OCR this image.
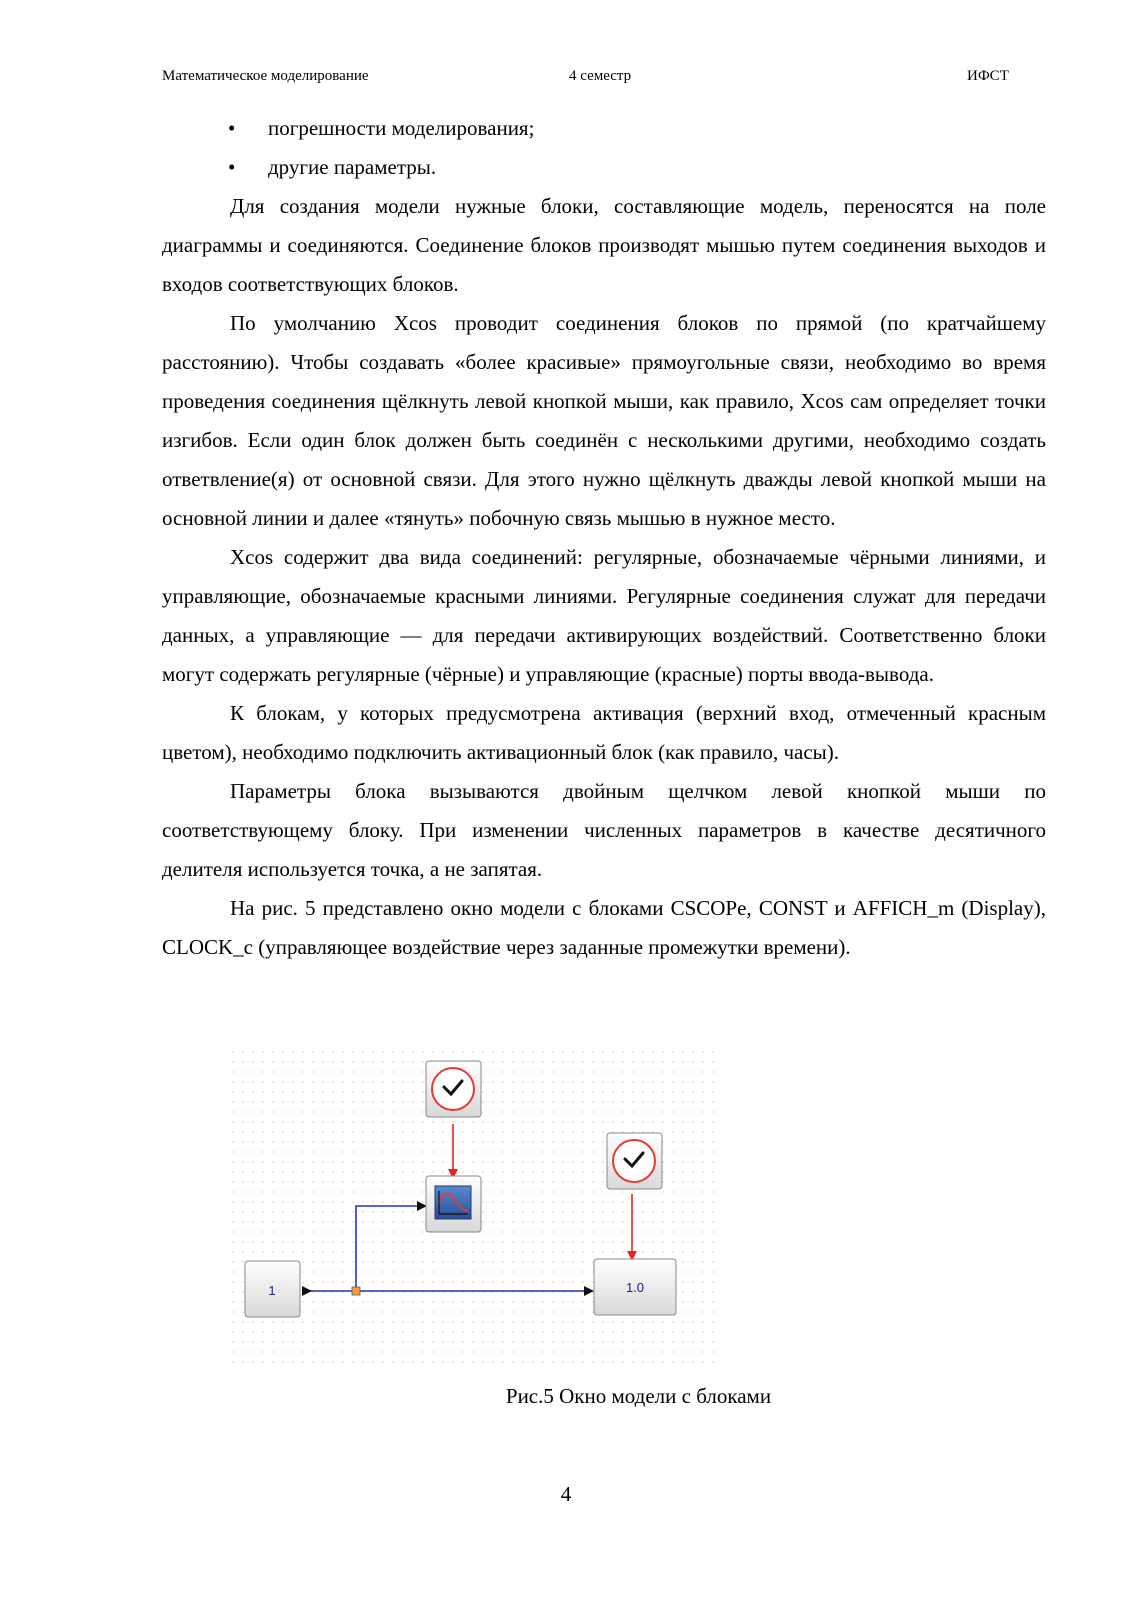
Математическое моделирование	4 семестр	ИФСТ
• погрешности моделирования;
• другие параметры.

Для создания модели нужные блоки, составляющие модель, переносятся на поле диаграммы и соединяются. Соединение блоков производят мышью путем соединения выходов и входов соответствующих блоков.

По умолчанию Xcos проводит соединения блоков по прямой (по кратчайшему расстоянию). Чтобы создавать «более красивые» прямоугольные связи, необходимо во время проведения соединения щёлкнуть левой кнопкой мыши, как правило, Xcos сам определяет точки изгибов. Если один блок должен быть соединён с несколькими другими, необходимо создать ответвление(я) от основной связи. Для этого нужно щёлкнуть дважды левой кнопкой мыши на основной линии и далее «тянуть» побочную связь мышью в нужное место.

Xcos содержит два вида соединений: регулярные, обозначаемые чёрными линиями, и управляющие, обозначаемые красными линиями. Регулярные соединения служат для передачи данных, а управляющие — для передачи активирующих воздействий. Соответственно блоки могут содержать регулярные (чёрные) и управляющие (красные) порты ввода-вывода.

К блокам, у которых предусмотрена активация (верхний вход, отмеченный красным цветом), необходимо подключить активационный блок (как правило, часы).

Параметры блока вызываются двойным щелчком левой кнопкой мыши по соответствующему блоку. При изменении численных параметров в качестве десятичного делителя используется точка, а не запятая.

На рис. 5 представлено окно модели с блоками CSCOPe, CONST и AFFICH_m (Display), CLOCK_c (управляющее воздействие через заданные промежутки времени).

1	1.0
Рис.5 Окно модели с блоками
4
